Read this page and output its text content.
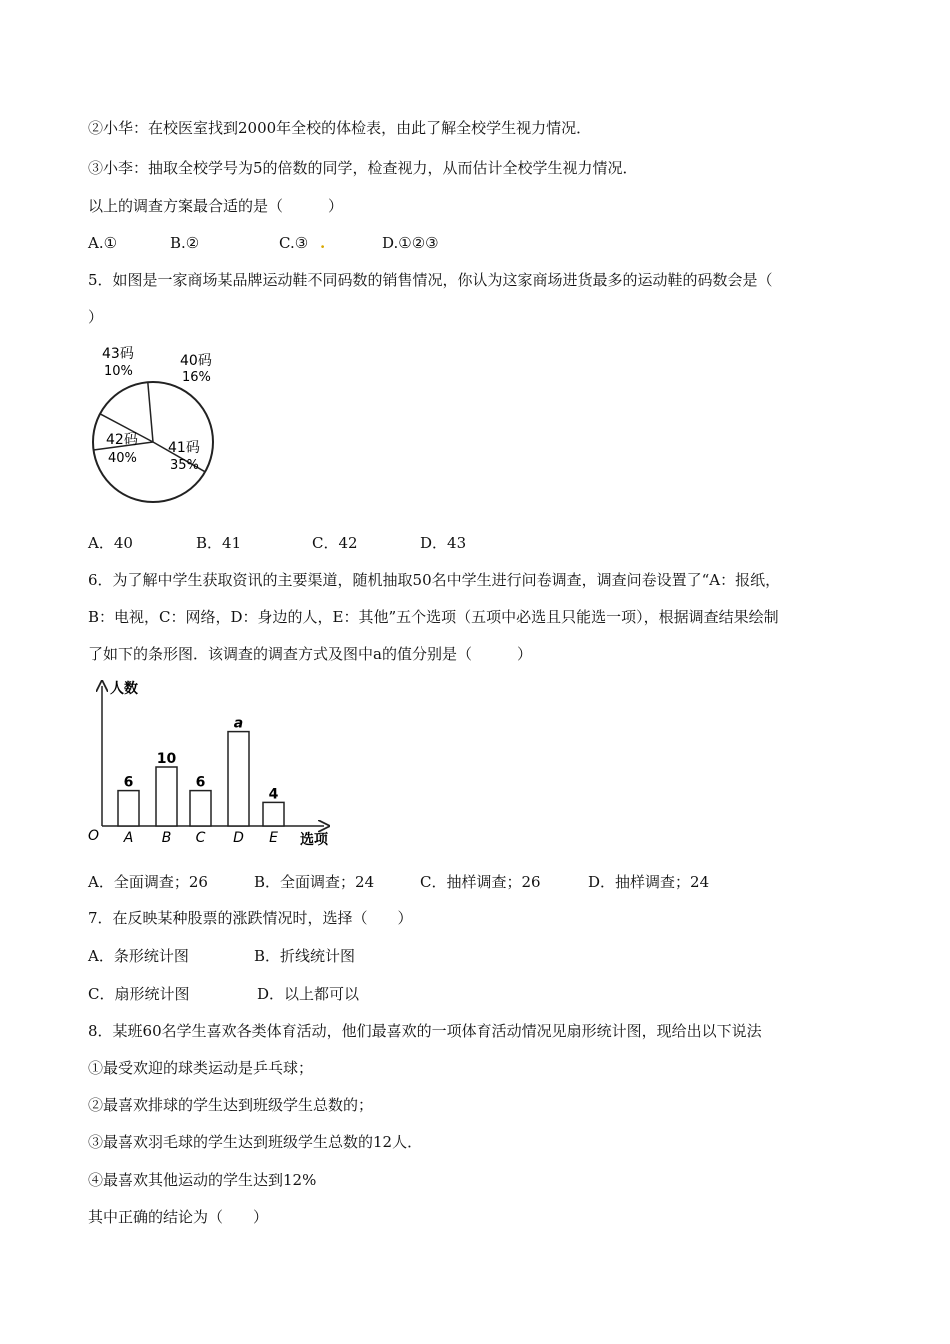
②小华：在校医室找到2000年全校的体检表，由此了解全校学生视力情况．
③小李：抽取全校学号为5的倍数的同学，检查视力，从而估计全校学生视力情况．
以上的调查方案最合适的是（　　　）
A.①	B.②	C.③ .	D.①②③
5．如图是一家商场某品牌运动鞋不同码数的销售情况，你认为这家商场进货最多的运动鞋的码数会是（
）
43码
10%
40码
16%
42码
40%
41码
35%
A．40	B．41	C．42	D．43
6．为了解中学生获取资讯的主要渠道，随机抽取50名中学生进行问卷调查，调查问卷设置了“A：报纸，
B：电视，C：网络，D：身边的人，E：其他”五个选项（五项中必选且只能选一项），根据调查结果绘制
了如下的条形图．该调查的调查方式及图中a的值分别是（　　　）
人数
选项
O
6
A
10
B
6
C
a
D
4
E
A．全面调查；26	B．全面调查；24	C．抽样调查；26	D．抽样调查；24
7．在反映某种股票的涨跌情况时，选择（　　）
A．条形统计图	B．折线统计图
C．扇形统计图	D．以上都可以
8．某班60名学生喜欢各类体育活动，他们最喜欢的一项体育活动情况见扇形统计图，现给出以下说法
①最受欢迎的球类运动是乒乓球；
②最喜欢排球的学生达到班级学生总数的；
③最喜欢羽毛球的学生达到班级学生总数的12人．
④最喜欢其他运动的学生达到12%
其中正确的结论为（　　）
